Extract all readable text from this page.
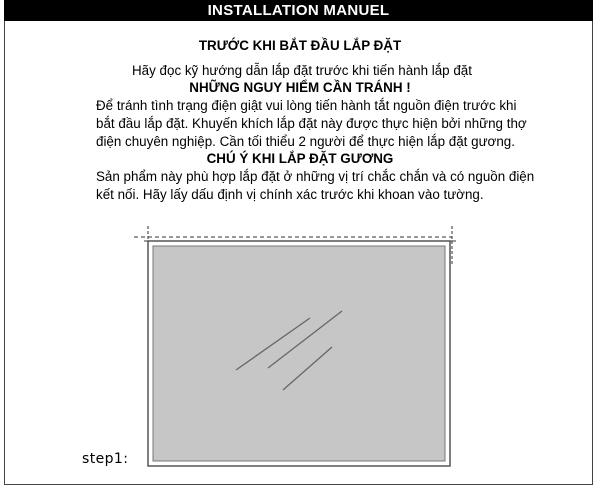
INSTALLATION MANUEL
TRƯỚC KHI BẮT ĐẦU LẮP ĐẶT
Hãy đọc kỹ hướng dẫn lắp đặt trước khi tiến hành lắp đặt
NHỮNG NGUY HIỂM CẦN TRÁNH !
Để tránh tình trạng điện giật vui lòng tiến hành tắt nguồn điện trước khi
bắt đầu lắp đặt. Khuyến khích lắp đặt này được thực hiện bởi những thợ
điện chuyên nghiệp. Cần tối thiểu 2 người để thực hiện lắp đặt gương.
CHÚ Ý KHI LẮP ĐẶT GƯƠNG
Sản phẩm này phù hợp lắp đặt ở những vị trí chắc chắn và có nguồn điện
kết nối. Hãy lấy dấu định vị chính xác trước khi khoan vào tường.
step1:
